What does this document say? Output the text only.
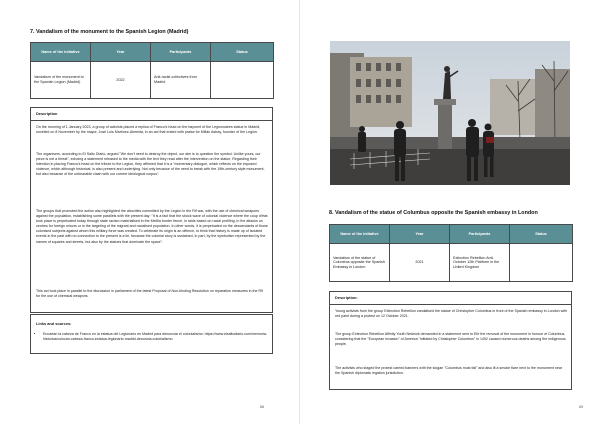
7. Vandalism of the monument to the Spanish Legion (Madrid)
Name of the initiative	Year	Participants	Status
Vandalism of the monument to the Spanish Legion (Madrid)	2022	Anti-racist collectives from Madrid	
Description
On the morning of 1 January 2023, a group of activists placed a replica of Franco's head on the bayonet of the Legionnaires statue in Madrid, unveiled on 8 November by the mayor, José Luis Martínez-Almeida, in an act that ended with praise for Millán Astray, founder of the Legion.
The organisers, according to El Salto Diario, argued "We don't need to destroy the object, our aim is to question the symbol. Unlike yours, our piece is not a threat", echoing a statement released to the media with the text they read after the intervention on the statue. Regarding their intention in placing Franco's head on the tribute to the Legion, they affirmed that it is a "momentary dialogue, which reflects on the imposed violence, which although historical, is also present and underlying. Not only because of the need to break with the 19th-century style monument, but also because of the unbearable clash with our current ideological corpus".
The groups that promoted the action also highlighted the atrocities committed by the Legion in the Rif war, with the use of chemical weapons against the population, establishing some parallels with the present day: "It is a fact that the shock wave of colonial violence where the coup d'état took place is perpetuated today through state racism materialised in the Melilla border fence, in raids based on racial profiling, in the attacks on centres for foreign minors or in the targeting of the migrant and racialised population. In other words, it is perpetuated on the descendants of those colonised subjects against whom this military force was created. To celebrate its origin is an offence, to think that history is made up of isolated events in the past with no connection to the present is a lie, because the colonial story is sustained, in part, by the symbolism represented by the names of squares and streets, but also by the statues that dominate the space".
This act took place in parallel to the discussion in parliament of the latest Proposal of Non-binding Resolution on reparation measures in the Rif for the use of chemical weapons.
Links and sources:
• Encartan la cabeza de Franco en la estatua del Legionario en Madrid para denunciar el colonialismo: https://www.elsaltodiario.com/memoria-historica/colocan-cabeza-franco-estatua-legionario-madrid-denuncia-colonialismo
68
8. Vandalism of the statue of Columbus opposite the Spanish embassy in London
Name of the initiative	Year	Participants	Status
Vandalism of the statue of Columbus opposite the Spanish Embassy in London	2021	Extinction Rebellion Anti-October 12th Platform in the United Kingdom	
Description:
Young activists from the group Extinction Rebellion vandalised the statue of Christopher Columbus in front of the Spanish embassy in London with red paint during a protest on 12 October 2021.
The group Extinction Rebellion Affinity Youth Network demanded in a statement sent to Efe the removal of the monument in honour of Columbus, considering that the "European invasion" of America "initiated by Christopher Columbus" in 1492 caused numerous deaths among the indigenous people.
The activists who staged the protest carried banners with the slogan "Columbus must fall" and also lit a smoke flare next to the monument near the Spanish diplomatic legation jurisdiction.
69
